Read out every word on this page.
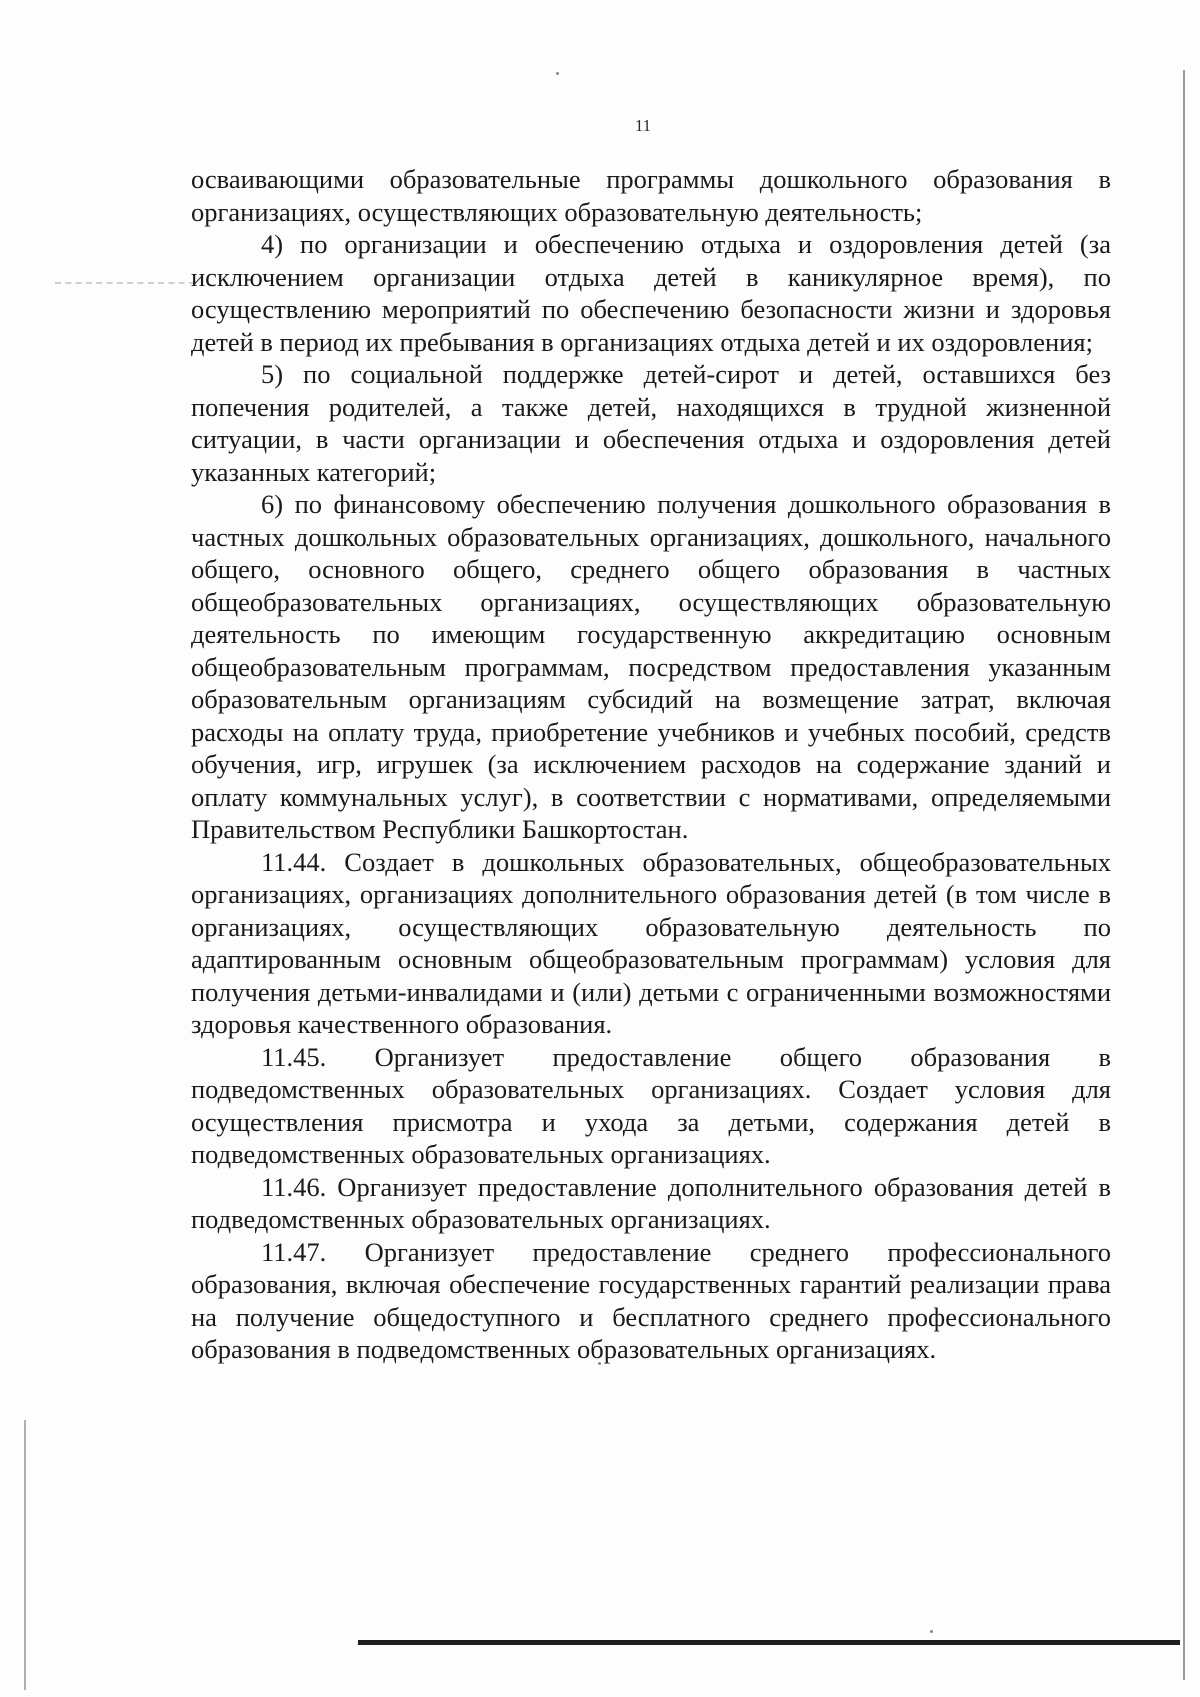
11

осваивающими образовательные программы дошкольного образования в организациях, осуществляющих образовательную деятельность;

4) по организации и обеспечению отдыха и оздоровления детей (за исключением организации отдыха детей в каникулярное время), по осуществлению мероприятий по обеспечению безопасности жизни и здоровья детей в период их пребывания в организациях отдыха детей и их оздоровления;

5) по социальной поддержке детей-сирот и детей, оставшихся без попечения родителей, а также детей, находящихся в трудной жизненной ситуации, в части организации и обеспечения отдыха и оздоровления детей указанных категорий;

6) по финансовому обеспечению получения дошкольного образования в частных дошкольных образовательных организациях, дошкольного, начального общего, основного общего, среднего общего образования в частных общеобразовательных организациях, осуществляющих образовательную деятельность по имеющим государственную аккредитацию основным общеобразовательным программам, посредством предоставления указанным образовательным организациям субсидий на возмещение затрат, включая расходы на оплату труда, приобретение учебников и учебных пособий, средств обучения, игр, игрушек (за исключением расходов на содержание зданий и оплату коммунальных услуг), в соответствии с нормативами, определяемыми Правительством Республики Башкортостан.

11.44. Создает в дошкольных образовательных, общеобразовательных организациях, организациях дополнительного образования детей (в том числе в организациях, осуществляющих образовательную деятельность по адаптированным основным общеобразовательным программам) условия для получения детьми-инвалидами и (или) детьми с ограниченными возможностями здоровья качественного образования.

11.45. Организует предоставление общего образования в подведомственных образовательных организациях. Создает условия для осуществления присмотра и ухода за детьми, содержания детей в подведомственных образовательных организациях.

11.46. Организует предоставление дополнительного образования детей в подведомственных образовательных организациях.

11.47. Организует предоставление среднего профессионального образования, включая обеспечение государственных гарантий реализации права на получение общедоступного и бесплатного среднего профессионального образования в подведомственных образовательных организациях.
